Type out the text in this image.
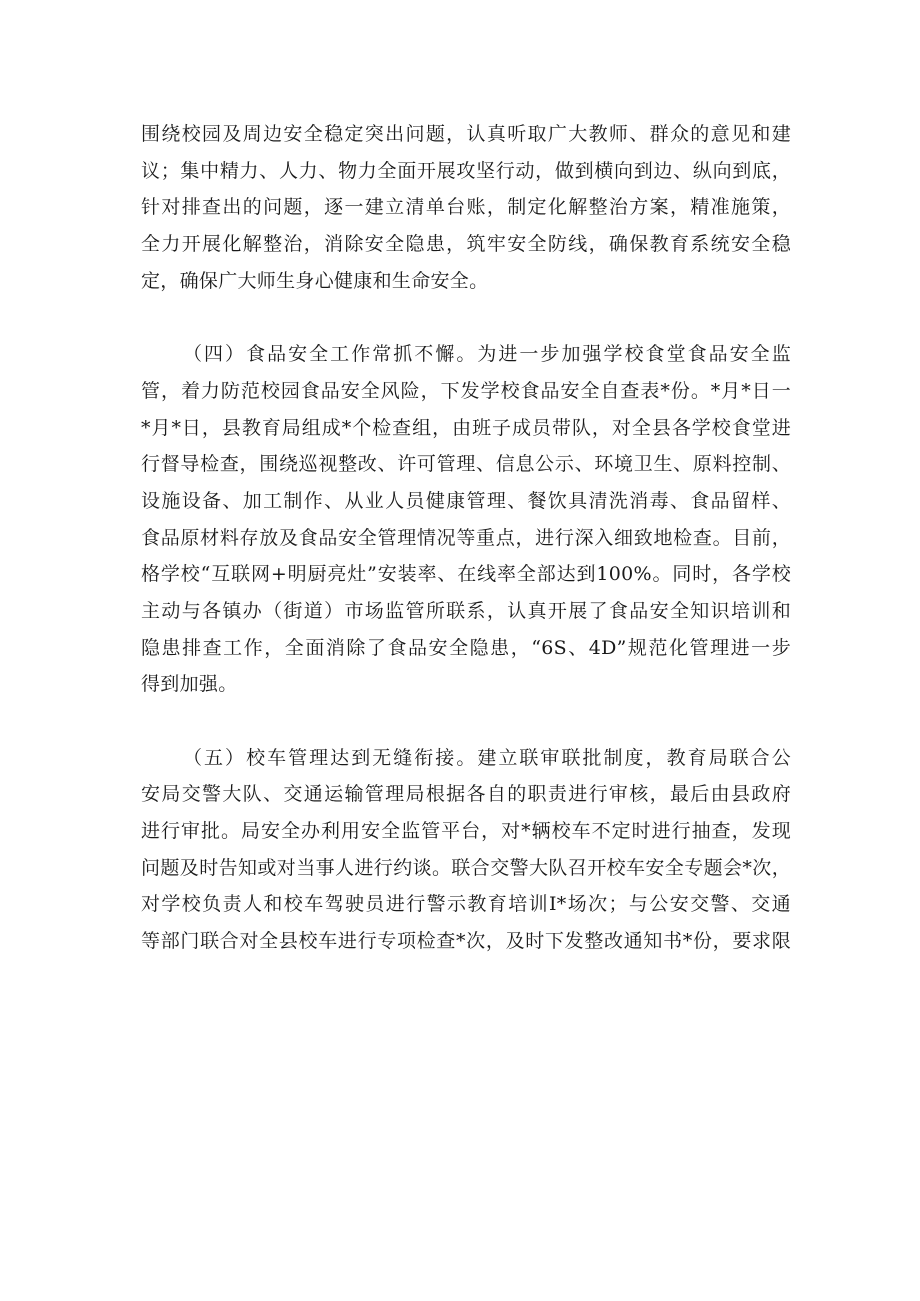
围绕校园及周边安全稳定突出问题，认真听取广大教师、群众的意见和建
议；集中精力、人力、物力全面开展攻坚行动，做到横向到边、纵向到底，
针对排查出的问题，逐一建立清单台账，制定化解整治方案，精准施策，
全力开展化解整治，消除安全隐患，筑牢安全防线，确保教育系统安全稳
定，确保广大师生身心健康和生命安全。
（四）食品安全工作常抓不懈。为进一步加强学校食堂食品安全监
管，着力防范校园食品安全风险，下发学校食品安全自查表*份。*月*日一
*月*日，县教育局组成*个检查组，由班子成员带队，对全县各学校食堂进
行督导检查，围绕巡视整改、许可管理、信息公示、环境卫生、原料控制、
设施设备、加工制作、从业人员健康管理、餐饮具清洗消毒、食品留样、
食品原材料存放及食品安全管理情况等重点，进行深入细致地检查。目前，
格学校“互联网+明厨亮灶”安装率、在线率全部达到100%。同时，各学校
主动与各镇办（街道）市场监管所联系，认真开展了食品安全知识培训和
隐患排查工作，全面消除了食品安全隐患，“6S、4D”规范化管理进一步
得到加强。
（五）校车管理达到无缝衔接。建立联审联批制度，教育局联合公
安局交警大队、交通运输管理局根据各自的职责进行审核，最后由县政府
进行审批。局安全办利用安全监管平台，对*辆校车不定时进行抽查，发现
问题及时告知或对当事人进行约谈。联合交警大队召开校车安全专题会*次，
对学校负责人和校车驾驶员进行警示教育培训I*场次；与公安交警、交通
等部门联合对全县校车进行专项检查*次，及时下发整改通知书*份，要求限
